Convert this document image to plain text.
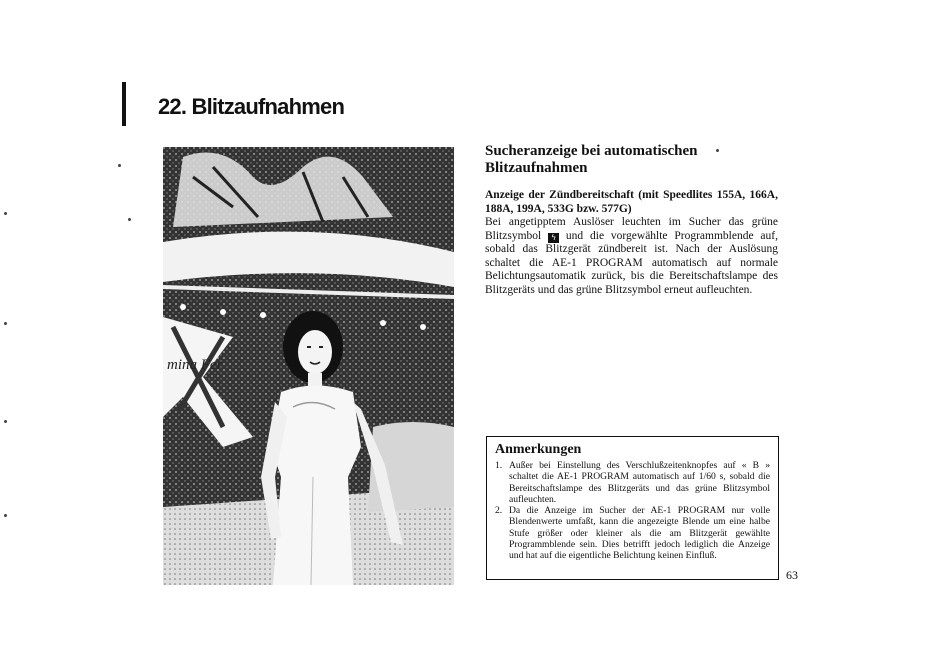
22. Blitzaufnahmen
mina Fer
Sucheranzeige bei automatischen Blitzaufnahmen
Anzeige der Zündbereitschaft (mit Speedlites 155A, 166A, 188A, 199A, 533G bzw. 577G)

Bei angetipptem Auslöser leuchten im Sucher das grüne Blitzsymbol ϟ und die vorgewählte Programmblende auf, sobald das Blitzgerät zündbereit ist. Nach der Auslösung schaltet die AE-1 PROGRAM automatisch auf normale Belichtungsautomatik zurück, bis die Bereitschaftslampe des Blitzgeräts und das grüne Blitzsymbol erneut aufleuchten.

Anmerkungen
1. Außer bei Einstellung des Verschlußzeitenknopfes auf « B » schaltet die AE-1 PROGRAM automatisch auf 1/60 s, sobald die Bereitschaftslampe des Blitzgeräts und das grüne Blitzsymbol aufleuchten.
2. Da die Anzeige im Sucher der AE-1 PROGRAM nur volle Blendenwerte umfaßt, kann die angezeigte Blende um eine halbe Stufe größer oder kleiner als die am Blitzgerät gewählte Programmblende sein. Dies betrifft jedoch lediglich die Anzeige und hat auf die eigentliche Belichtung keinen Einfluß.
63
